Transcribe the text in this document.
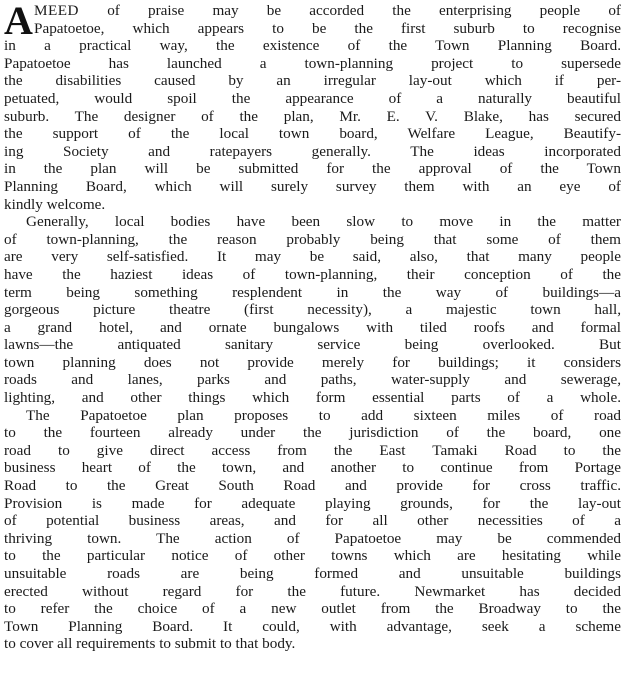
A MEED of praise may be accorded the enterprising people of
Papatoetoe, which appears to be the first suburb to recognise
in a practical way, the existence of the Town Planning Board.
Papatoetoe has launched a town-planning project to supersede
the disabilities caused by an irregular lay-out which if per-
petuated, would spoil the appearance of a naturally beautiful
suburb. The designer of the plan, Mr. E. V. Blake, has secured
the support of the local town board, Welfare League, Beautify-
ing Society and ratepayers generally. The ideas incorporated
in the plan will be submitted for the approval of the Town
Planning Board, which will surely survey them with an eye of
kindly welcome.
Generally, local bodies have been slow to move in the matter
of town-planning, the reason probably being that some of them
are very self-satisfied. It may be said, also, that many people
have the haziest ideas of town-planning, their conception of the
term being something resplendent in the way of buildings—a
gorgeous picture theatre (first necessity), a majestic town hall,
a grand hotel, and ornate bungalows with tiled roofs and formal
lawns—the antiquated sanitary service being overlooked. But
town planning does not provide merely for buildings; it considers
roads and lanes, parks and paths, water-supply and sewerage,
lighting, and other things which form essential parts of a whole.
The Papatoetoe plan proposes to add sixteen miles of road
to the fourteen already under the jurisdiction of the board, one
road to give direct access from the East Tamaki Road to the
business heart of the town, and another to continue from Portage
Road to the Great South Road and provide for cross traffic.
Provision is made for adequate playing grounds, for the lay-out
of potential business areas, and for all other necessities of a
thriving town. The action of Papatoetoe may be commended
to the particular notice of other towns which are hesitating while
unsuitable roads are being formed and unsuitable buildings
erected without regard for the future. Newmarket has decided
to refer the choice of a new outlet from the Broadway to the
Town Planning Board. It could, with advantage, seek a scheme
to cover all requirements to submit to that body.
